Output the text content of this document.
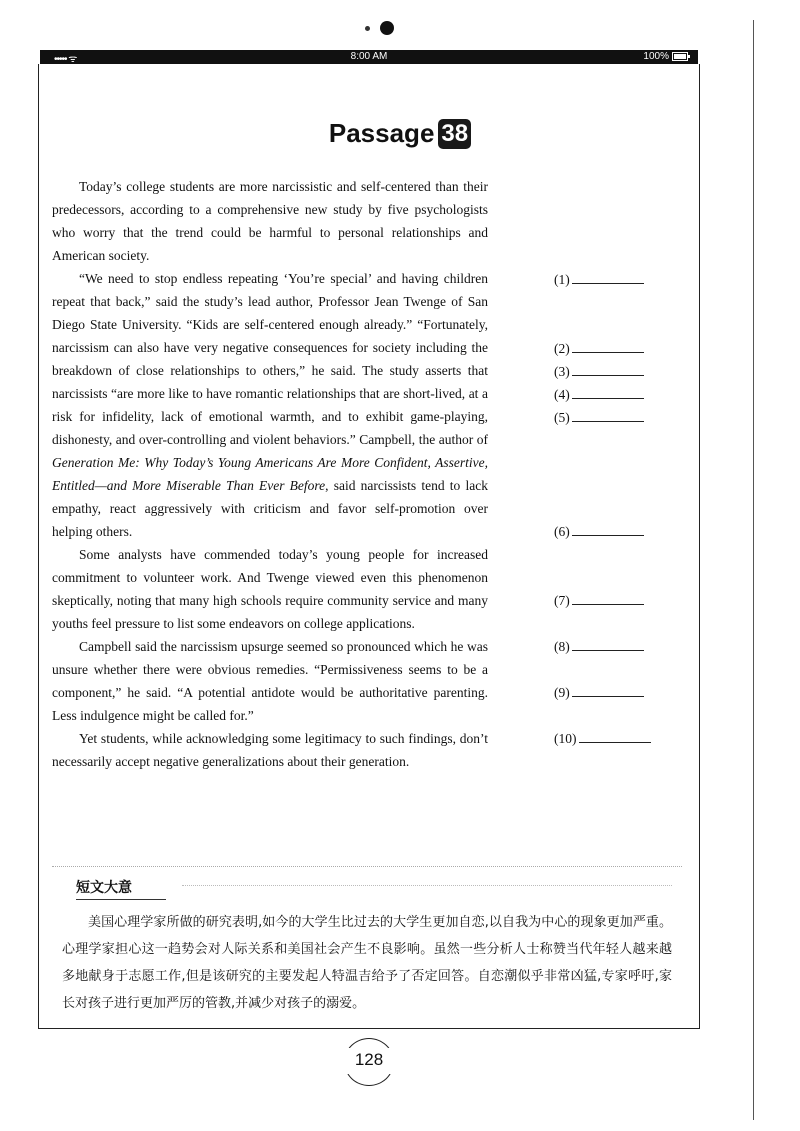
••••• ᯤ	8:00 AM	100%
Passage 38

Today’s college students are more narcissistic and self-centered than their predecessors, according to a comprehensive new study by five psychologists who worry that the trend could be harmful to personal relationships and American society.

“We need to stop endless repeating ‘You’re special’ and having children repeat that back,” said the study’s lead author, Professor Jean Twenge of San Diego State University. “Kids are self-centered enough already.” “Fortunately, narcissism can also have very negative consequences for society including the breakdown of close relationships to others,” he said. The study asserts that narcissists “are more like to have romantic relationships that are short-lived, at a risk for infidelity, lack of emotional warmth, and to exhibit game-playing, dishonesty, and over-controlling and violent behaviors.” Campbell, the author of Generation Me: Why Today’s Young Americans Are More Confident, Assertive, Entitled—and More Miserable Than Ever Before, said narcissists tend to lack empathy, react aggressively with criticism and favor self-promotion over helping others.

Some analysts have commended today’s young people for increased commitment to volunteer work. And Twenge viewed even this phenomenon skeptically, noting that many high schools require community service and many youths feel pressure to list some endeavors on college applications.

Campbell said the narcissism upsurge seemed so pronounced which he was unsure whether there were obvious remedies. “Permissiveness seems to be a component,” he said. “A potential antidote would be authoritative parenting. Less indulgence might be called for.”

Yet students, while acknowledging some legitimacy to such findings, don’t necessarily accept negative generalizations about their generation.

(1)
(2)
(3)
(4)
(5)
(6)
(7)
(8)
(9)
(10)
短文大意
美国心理学家所做的研究表明,如今的大学生比过去的大学生更加自恋,以自我为中心的现象更加严重。心理学家担心这一趋势会对人际关系和美国社会产生不良影响。虽然一些分析人士称赞当代年轻人越来越多地献身于志愿工作,但是该研究的主要发起人特温吉给予了否定回答。自恋潮似乎非常凶猛,专家呼吁,家长对孩子进行更加严厉的管教,并减少对孩子的溺爱。
128
